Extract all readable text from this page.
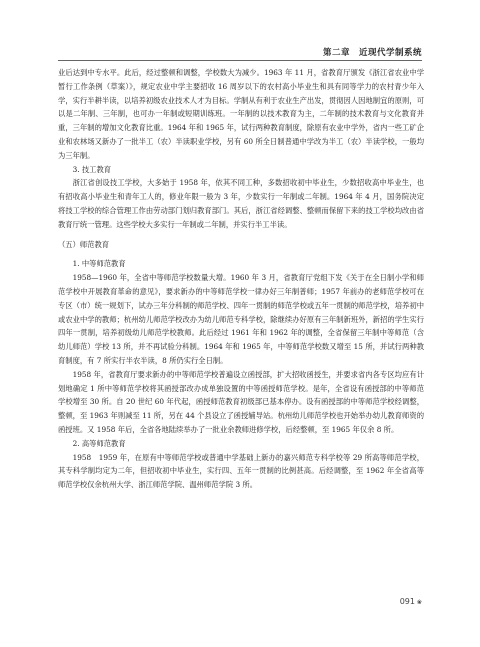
第二章　近现代学制系统

业后达到中专水平。此后，经过整顿和调整，学校数大为减少。1963 年 11 月，省教育厅颁发《浙江省农业中学暂行工作条例（草案）》，规定农业中学主要招收 16 周岁以下的农村高小毕业生和具有同等学力的农村青少年入学，实行半耕半读，以培养初级农业技术人才为目标。学制从有利于农业生产出发，贯彻因人因地制宜的原则，可以是二年制、三年制，也可办一年制或短期训练班。一年制的以技术教育为主，二年制的技术教育与文化教育并重，三年制的增加文化教育比重。1964 年和 1965 年，试行两种教育制度，除原有农业中学外，省内一些工矿企业和农林场又新办了一批半工（农）半读职业学校，另有 60 所全日制普通中学改为半工（农）半读学校，一般均为三年制。

3. 技工教育

浙江省创设技工学校，大多始于 1958 年，依其不同工种，多数招收初中毕业生，少数招收高中毕业生，也有招收高小毕业生和青年工人的，修业年限一般为 3 年，少数实行一年制或二年制。1964 年 4 月，国务院决定将技工学校的综合管理工作由劳动部门划归教育部门。其后，浙江省经调整、整顿而保留下来的技工学校均改由省教育厅统一管理。这些学校大多实行一年制或二年制，并实行半工半读。

（五）师范教育

1. 中等师范教育

1958—1960 年，全省中等师范学校数量大增。1960 年 3 月，省教育厅党组下发《关于在全日制小学和师范学校中开展教育革命的意见》，要求新办的中等师范学校一律办好三年制普师；1957 年前办的老师范学校可在专区（市）统一规划下，试办三年分科制的师范学校、四年一贯制的师范学校或五年一贯制的师范学校，培养初中或农业中学的教师；杭州幼儿师范学校改办为幼儿师范专科学校，除继续办好原有三年制新班外，新招的学生实行四年一贯制，培养初级幼儿师范学校教师。此后经过 1961 年和 1962 年的调整，全省保留三年制中等师范（含幼儿师范）学校 13 所，并不再试验分科制。1964 年和 1965 年，中等师范学校数又增至 15 所，并试行两种教育制度，有 7 所实行半农半读，8 所仍实行全日制。

1958 年，省教育厅要求新办的中等师范学校普遍设立函授部，扩大招收函授生，并要求省内各专区均应有计划地确定 1 所中等师范学校将其函授部改办成单独设置的中等函授师范学校。是年，全省设有函授部的中等师范学校增至 30 所。自 20 世纪 60 年代起，函授师范教育初级部已基本停办。设有函授部的中等师范学校经调整，整顿，至 1963 年则减至 11 所，另在 44 个县设立了函授辅导站。杭州幼儿师范学校也开始举办幼儿教育师资的函授班。又 1958 年后，全省各地陆续举办了一批业余教师进修学校，后经整顿，至 1965 年仅余 8 所。

2. 高等师范教育

1958　1959 年，在原有中等师范学校或普通中学基础上新办的嘉兴师范专科学校等 29 所高等师范学校，其专科学制均定为二年，但招收初中毕业生，实行四、五年一贯制的比例甚高。后经调整，至 1962 年全省高等师范学校仅余杭州大学、浙江师范学院、温州师范学院 3 所。

091 ❀
